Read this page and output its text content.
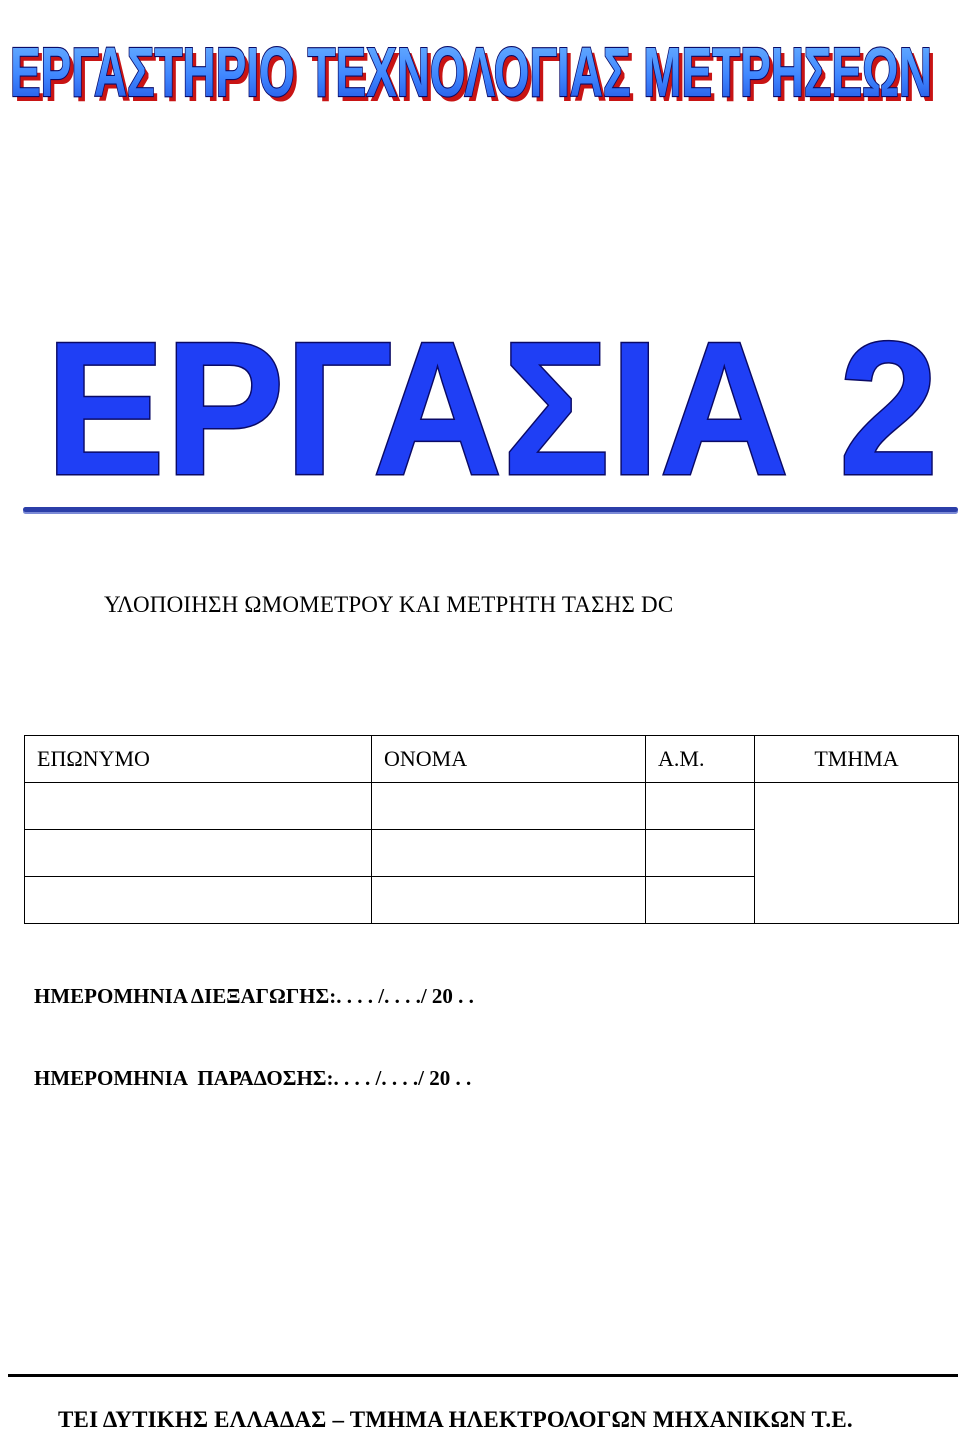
ΕΡΓΑΣΤΗΡΙΟ ΤΕΧΝΟΛΟΓΙΑΣ ΜΕΤΡΗΣΕΩΝ
ΕΡΓΑΣΤΗΡΙΟ ΤΕΧΝΟΛΟΓΙΑΣ ΜΕΤΡΗΣΕΩΝ
ΕΡΓΑΣΙΑ 2
ΥΛΟΠΟΙΗΣΗ ΩΜΟΜΕΤΡΟΥ ΚΑΙ ΜΕΤΡΗΤΗ ΤΑΣΗΣ DC
ΕΠΩΝΥΜΟ	ΟΝΟΜΑ	Α.Μ.	ΤΜΗΜΑ

ΗΜΕΡΟΜΗΝΙΑ ΔΙΕΞΑΓΩΓΗΣ:. . . . /. . . ./ 20 . .
ΗΜΕΡΟΜΗΝΙΑ  ΠΑΡΑΔΟΣΗΣ:. . . . /. . . ./ 20 . .
ΤΕΙ ΔΥΤΙΚΗΣ ΕΛΛΑΔΑΣ – ΤΜΗΜΑ ΗΛΕΚΤΡΟΛΟΓΩΝ ΜΗΧΑΝΙΚΩΝ Τ.Ε.
